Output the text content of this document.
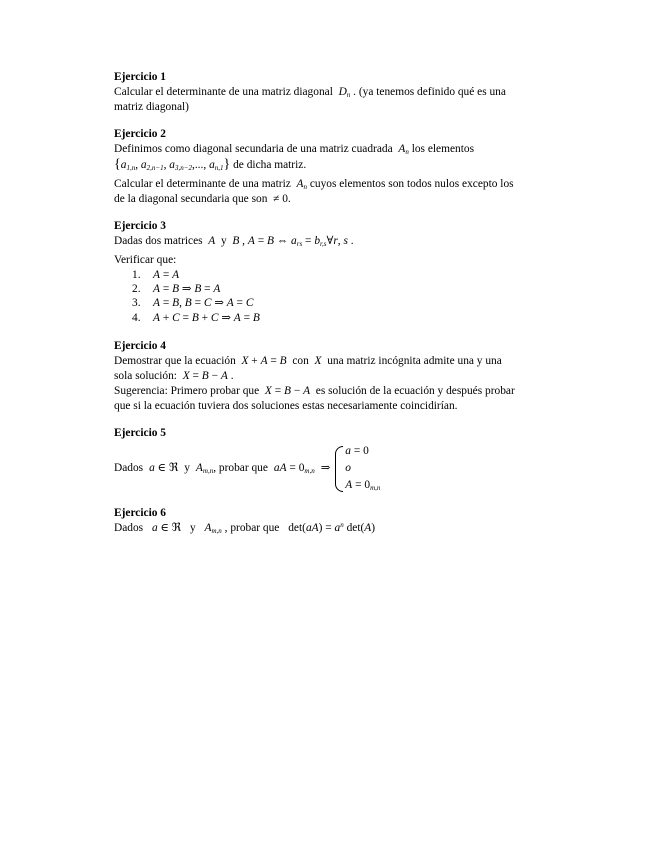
Ejercicio 1

Calcular el determinante de una matriz diagonal  $D_n$ . (ya tenemos definido qué es una

matriz diagonal)

Ejercicio 2

Definimos como diagonal secundaria de una matriz cuadrada  $A_n$ los elementos

{$a_{1,n}$, $a_{2,n-1}$, $a_{3,n-2}$,..., $a_{n,1}$} de dicha matriz.

Calcular el determinante de una matriz  $A_n$ cuyos elementos son todos nulos excepto los

de la diagonal secundaria que son  ≠ 0.

Ejercicio 3

Dadas dos matrices  A  y  B , A = B ⇔ $a_{rs}$ = $b_{r,s}\forall r$, s .

Verificar que:

1.	A = A
2.	A = B ⇒ B = A
3.	A = B, B = C ⇒ A = C
4.	A + C = B + C ⇒ A = B
Ejercicio 4

Demostrar que la ecuación X + A = B con  X  una matriz incógnita admite una y una

sola solución: X = B − A .

Sugerencia: Primero probar que X = B − A es solución de la ecuación y después probar

que si la ecuación tuviera dos soluciones estas necesariamente coincidirían.

Ejercicio 5
Dados a ∈ ℜ y $A_{m,n}$ , probar que aA = $0_{m,n}$ ⇒
a = 0
o
$A = 0_{m,n}$
Ejercicio 6

Dados a ∈ ℜ y $A_{m,n}$ , probar que $\det(aA) = a^n$ det(A)
